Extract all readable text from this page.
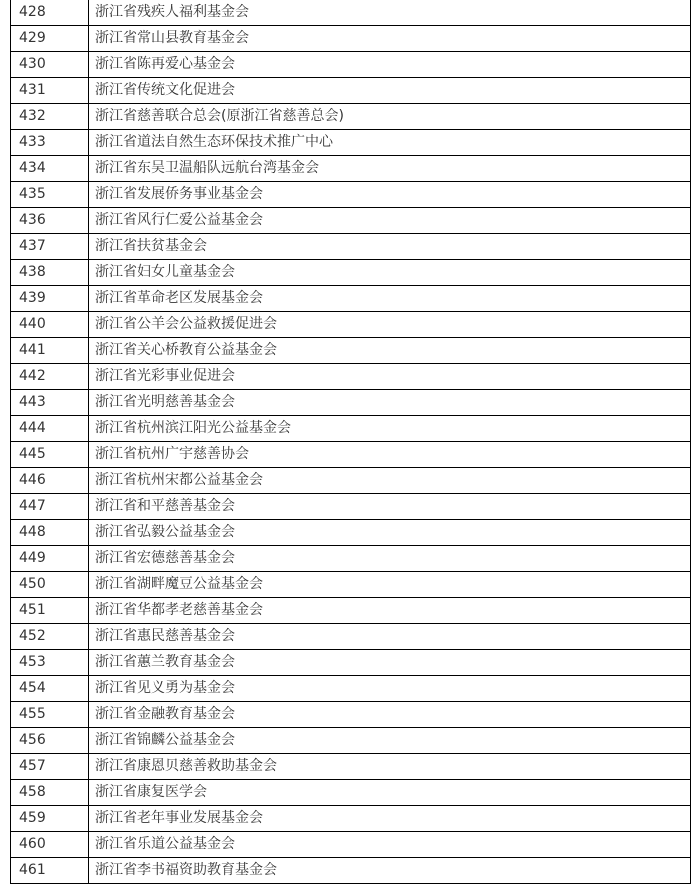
428	浙江省残疾人福利基金会
429	浙江省常山县教育基金会
430	浙江省陈再爱心基金会
431	浙江省传统文化促进会
432	浙江省慈善联合总会(原浙江省慈善总会)
433	浙江省道法自然生态环保技术推广中心
434	浙江省东吴卫温船队远航台湾基金会
435	浙江省发展侨务事业基金会
436	浙江省风行仁爱公益基金会
437	浙江省扶贫基金会
438	浙江省妇女儿童基金会
439	浙江省革命老区发展基金会
440	浙江省公羊会公益救援促进会
441	浙江省关心桥教育公益基金会
442	浙江省光彩事业促进会
443	浙江省光明慈善基金会
444	浙江省杭州滨江阳光公益基金会
445	浙江省杭州广宇慈善协会
446	浙江省杭州宋都公益基金会
447	浙江省和平慈善基金会
448	浙江省弘毅公益基金会
449	浙江省宏德慈善基金会
450	浙江省湖畔魔豆公益基金会
451	浙江省华都孝老慈善基金会
452	浙江省惠民慈善基金会
453	浙江省蕙兰教育基金会
454	浙江省见义勇为基金会
455	浙江省金融教育基金会
456	浙江省锦麟公益基金会
457	浙江省康恩贝慈善救助基金会
458	浙江省康复医学会
459	浙江省老年事业发展基金会
460	浙江省乐道公益基金会
461	浙江省李书福资助教育基金会
